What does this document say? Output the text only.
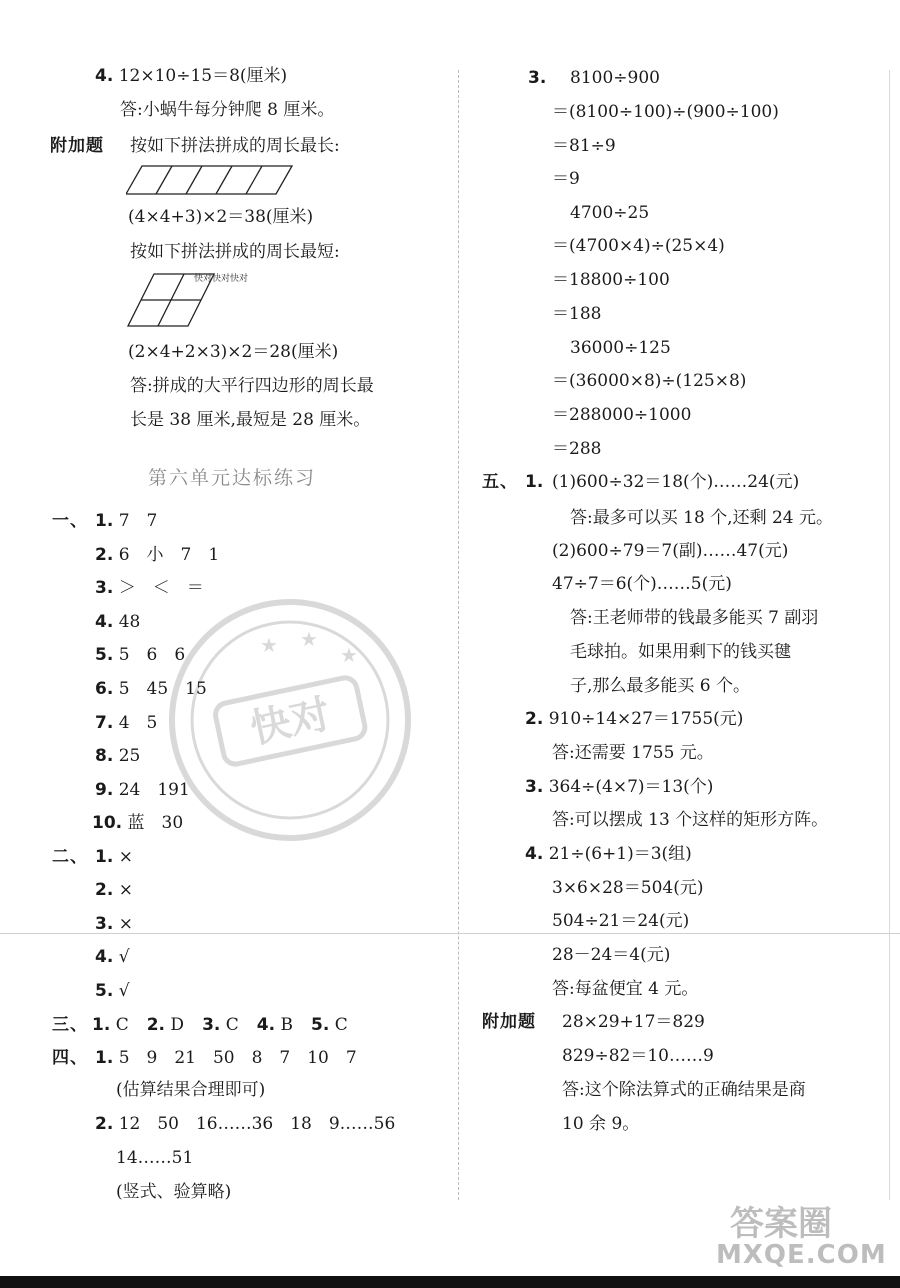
4. 12×10÷15＝8(厘米)
答:小蜗牛每分钟爬 8 厘米。
附加题 按如下拼法拼成的周长最长:
(4×4+3)×2＝38(厘米)
按如下拼法拼成的周长最短:
快对快对快对
(2×4+2×3)×2＝28(厘米)
答:拼成的大平行四边形的周长最
长是 38 厘米,最短是 28 厘米。
第六单元达标练习
一、 1. 7　7
2. 6　小　7　1
3. ＞　＜　＝
4. 48
5. 5　6　6
6. 5　45　15
7. 4　5
8. 25
9. 24　191
10. 蓝　30
二、 1. ×
2. ×
3. ×
4. √
5. √
三、 1. C 2. D 3. C 4. B 5. C
四、 1. 5　9　21　50　8　7　10　7
(估算结果合理即可)
2. 12　50　16……36　18　9……56
14……51
(竖式、验算略)
快对
★ ★
★
3. 8100÷900
＝(8100÷100)÷(900÷100)
＝81÷9
＝9
4700÷25
＝(4700×4)÷(25×4)
＝18800÷100
＝188
36000÷125
＝(36000×8)÷(125×8)
＝288000÷1000
＝288
五、 1. (1)600÷32＝18(个)……24(元)
答:最多可以买 18 个,还剩 24 元。
(2)600÷79＝7(副)……47(元)
47÷7＝6(个)……5(元)
答:王老师带的钱最多能买 7 副羽
毛球拍。如果用剩下的钱买毽
子,那么最多能买 6 个。
2. 910÷14×27＝1755(元)
答:还需要 1755 元。
3. 364÷(4×7)＝13(个)
答:可以摆成 13 个这样的矩形方阵。
4. 21÷(6+1)＝3(组)
3×6×28＝504(元)
504÷21＝24(元)
28－24＝4(元)
答:每盆便宜 4 元。
附加题 28×29+17＝829
829÷82＝10……9
答:这个除法算式的正确结果是商
10 余 9。
答案圈
MXQE.COM
